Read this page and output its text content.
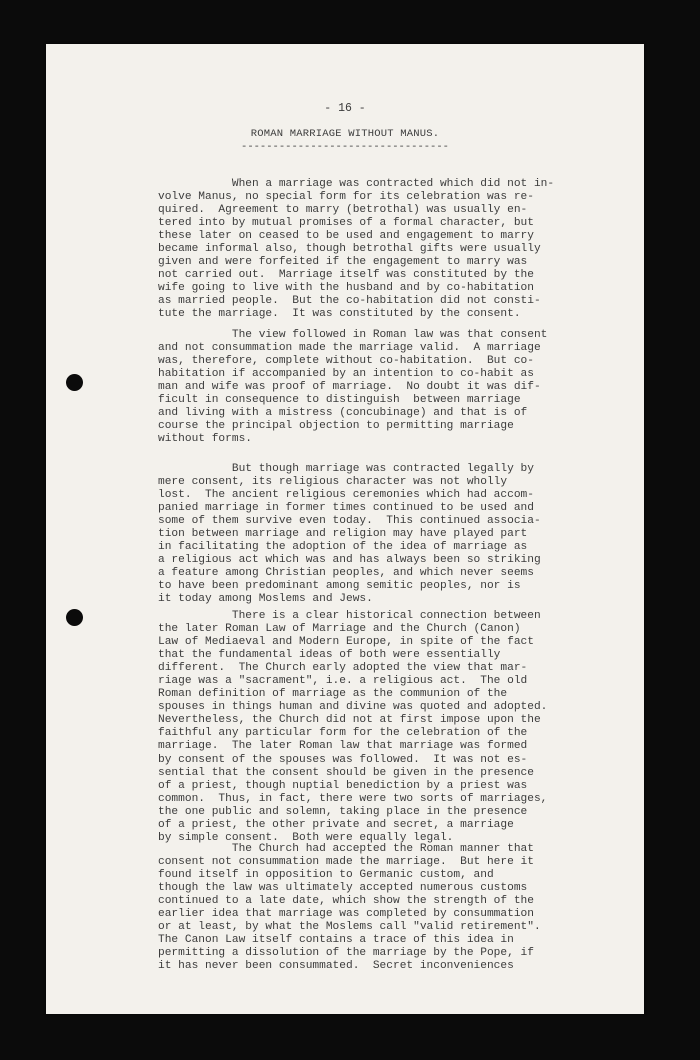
- 16 -
ROMAN MARRIAGE WITHOUT MANUS.
---------------------------------
When a marriage was contracted which did not in-
volve Manus, no special form for its celebration was re-
quired.  Agreement to marry (betrothal) was usually en-
tered into by mutual promises of a formal character, but
these later on ceased to be used and engagement to marry
became informal also, though betrothal gifts were usually
given and were forfeited if the engagement to marry was
not carried out.  Marriage itself was constituted by the
wife going to live with the husband and by co-habitation
as married people.  But the co-habitation did not consti-
tute the marriage.  It was constituted by the consent.
The view followed in Roman law was that consent
and not consummation made the marriage valid.  A marriage
was, therefore, complete without co-habitation.  But co-
habitation if accompanied by an intention to co-habit as
man and wife was proof of marriage.  No doubt it was dif-
ficult in consequence to distinguish  between marriage
and living with a mistress (concubinage) and that is of
course the principal objection to permitting marriage
without forms.
But though marriage was contracted legally by
mere consent, its religious character was not wholly
lost.  The ancient religious ceremonies which had accom-
panied marriage in former times continued to be used and
some of them survive even today.  This continued associa-
tion between marriage and religion may have played part
in facilitating the adoption of the idea of marriage as
a religious act which was and has always been so striking
a feature among Christian peoples, and which never seems
to have been predominant among semitic peoples, nor is
it today among Moslems and Jews.
There is a clear historical connection between
the later Roman Law of Marriage and the Church (Canon)
Law of Mediaeval and Modern Europe, in spite of the fact
that the fundamental ideas of both were essentially
different.  The Church early adopted the view that mar-
riage was a "sacrament", i.e. a religious act.  The old
Roman definition of marriage as the communion of the
spouses in things human and divine was quoted and adopted.
Nevertheless, the Church did not at first impose upon the
faithful any particular form for the celebration of the
marriage.  The later Roman law that marriage was formed
by consent of the spouses was followed.  It was not es-
sential that the consent should be given in the presence
of a priest, though nuptial benediction by a priest was
common.  Thus, in fact, there were two sorts of marriages,
the one public and solemn, taking place in the presence
of a priest, the other private and secret, a marriage
by simple consent.  Both were equally legal.
The Church had accepted the Roman manner that
consent not consummation made the marriage.  But here it
found itself in opposition to Germanic custom, and
though the law was ultimately accepted numerous customs
continued to a late date, which show the strength of the
earlier idea that marriage was completed by consummation
or at least, by what the Moslems call "valid retirement".
The Canon Law itself contains a trace of this idea in
permitting a dissolution of the marriage by the Pope, if
it has never been consummated.  Secret inconveniences
